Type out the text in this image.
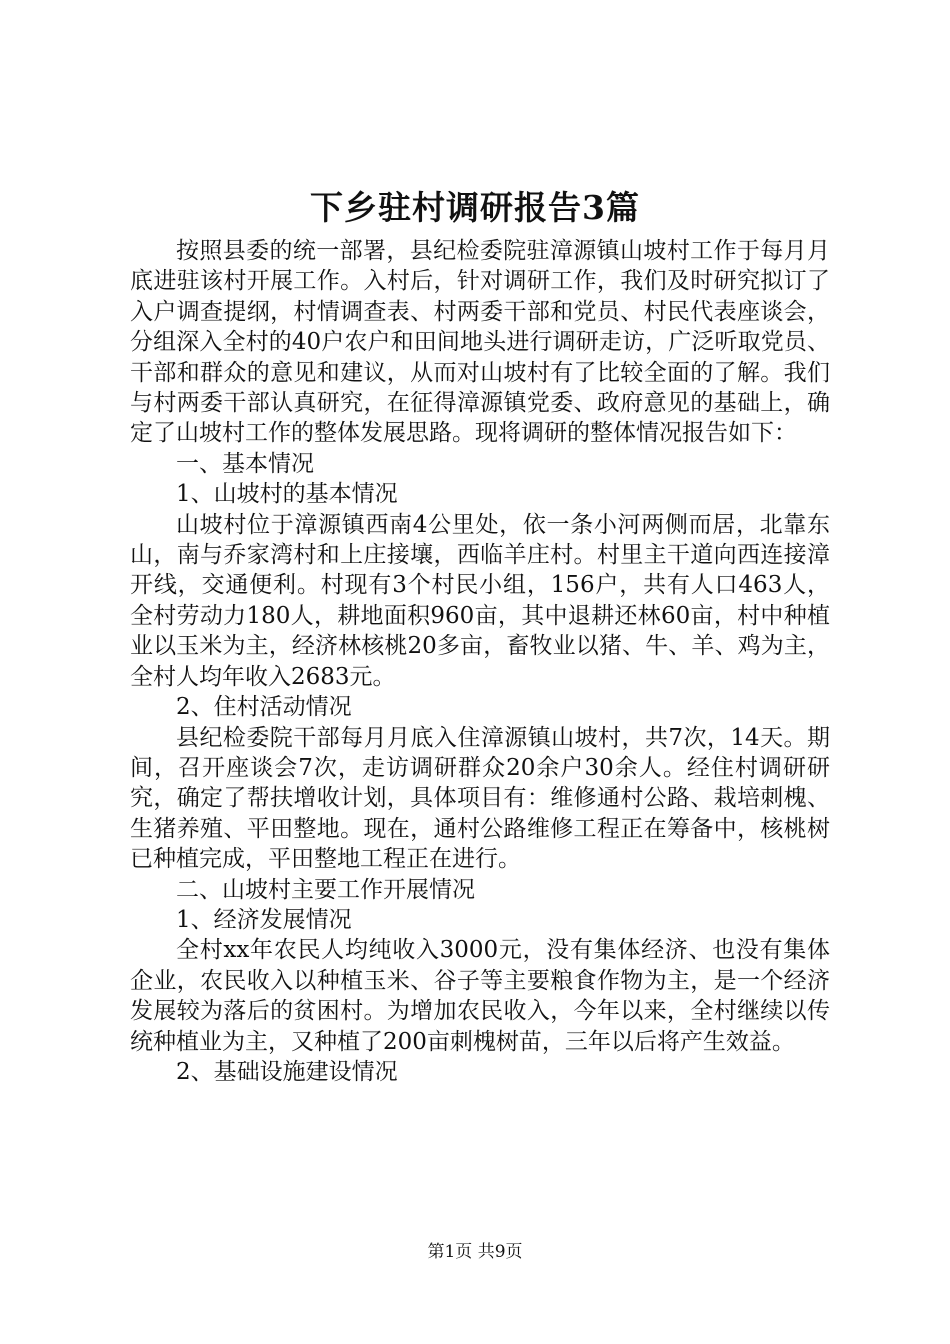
下乡驻村调研报告3篇

按照县委的统一部署，县纪检委院驻漳源镇山坡村工作于每月月底进驻该村开展工作。入村后，针对调研工作，我们及时研究拟订了入户调查提纲，村情调查表、村两委干部和党员、村民代表座谈会，分组深入全村的40户农户和田间地头进行调研走访，广泛听取党员、干部和群众的意见和建议，从而对山坡村有了比较全面的了解。我们与村两委干部认真研究，在征得漳源镇党委、政府意见的基础上，确定了山坡村工作的整体发展思路。现将调研的整体情况报告如下：

一、基本情况

1、山坡村的基本情况

山坡村位于漳源镇西南4公里处，依一条小河两侧而居，北靠东山，南与乔家湾村和上庄接壤，西临羊庄村。村里主干道向西连接漳开线，交通便利。村现有3个村民小组，156户，共有人口463人，全村劳动力180人，耕地面积960亩，其中退耕还林60亩，村中种植业以玉米为主，经济林核桃20多亩，畜牧业以猪、牛、羊、鸡为主，全村人均年收入2683元。

2、住村活动情况

县纪检委院干部每月月底入住漳源镇山坡村，共7次，14天。期间，召开座谈会7次，走访调研群众20余户30余人。经住村调研研究，确定了帮扶增收计划，具体项目有：维修通村公路、栽培刺槐、生猪养殖、平田整地。现在，通村公路维修工程正在筹备中，核桃树已种植完成，平田整地工程正在进行。

二、山坡村主要工作开展情况

1、经济发展情况

全村xx年农民人均纯收入3000元，没有集体经济、也没有集体企业，农民收入以种植玉米、谷子等主要粮食作物为主，是一个经济发展较为落后的贫困村。为增加农民收入，今年以来，全村继续以传统种植业为主，又种植了200亩刺槐树苗，三年以后将产生效益。

2、基础设施建设情况

第1页 共9页
